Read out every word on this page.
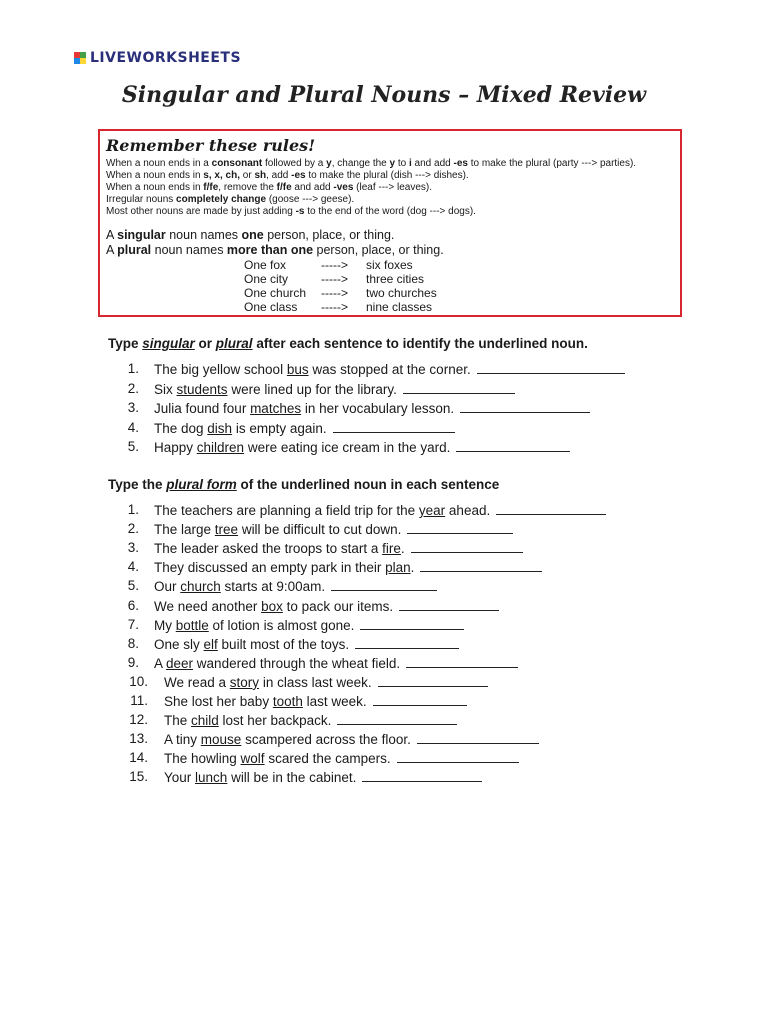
LIVEWORKSHEETS
Singular and Plural Nouns – Mixed Review
Remember these rules!
When a noun ends in a consonant followed by a y, change the y to i and add -es to make the plural (party ---> parties).
When a noun ends in s, x, ch, or sh, add -es to make the plural (dish ---> dishes).
When a noun ends in f/fe, remove the f/fe and add -ves (leaf ---> leaves).
Irregular nouns completely change (goose ---> geese).
Most other nouns are made by just adding -s to the end of the word (dog ---> dogs).
A singular noun names one person, place, or thing.
A plural noun names more than one person, place, or thing.
One fox	-----> six foxes
One city	-----> three cities
One church -----> two churches
One class -----> nine classes
Type singular or plural after each sentence to identify the underlined noun.
1. The big yellow school bus was stopped at the corner.
2. Six students were lined up for the library.
3. Julia found four matches in her vocabulary lesson.
4. The dog dish is empty again.
5. Happy children were eating ice cream in the yard.
Type the plural form of the underlined noun in each sentence
1. The teachers are planning a field trip for the year ahead.
2. The large tree will be difficult to cut down.
3. The leader asked the troops to start a fire.
4. They discussed an empty park in their plan.
5. Our church starts at 9:00am.
6. We need another box to pack our items.
7. My bottle of lotion is almost gone.
8. One sly elf built most of the toys.
9. A deer wandered through the wheat field.
10. We read a story in class last week.
11. She lost her baby tooth last week.
12. The child lost her backpack.
13. A tiny mouse scampered across the floor.
14. The howling wolf scared the campers.
15. Your lunch will be in the cabinet.
